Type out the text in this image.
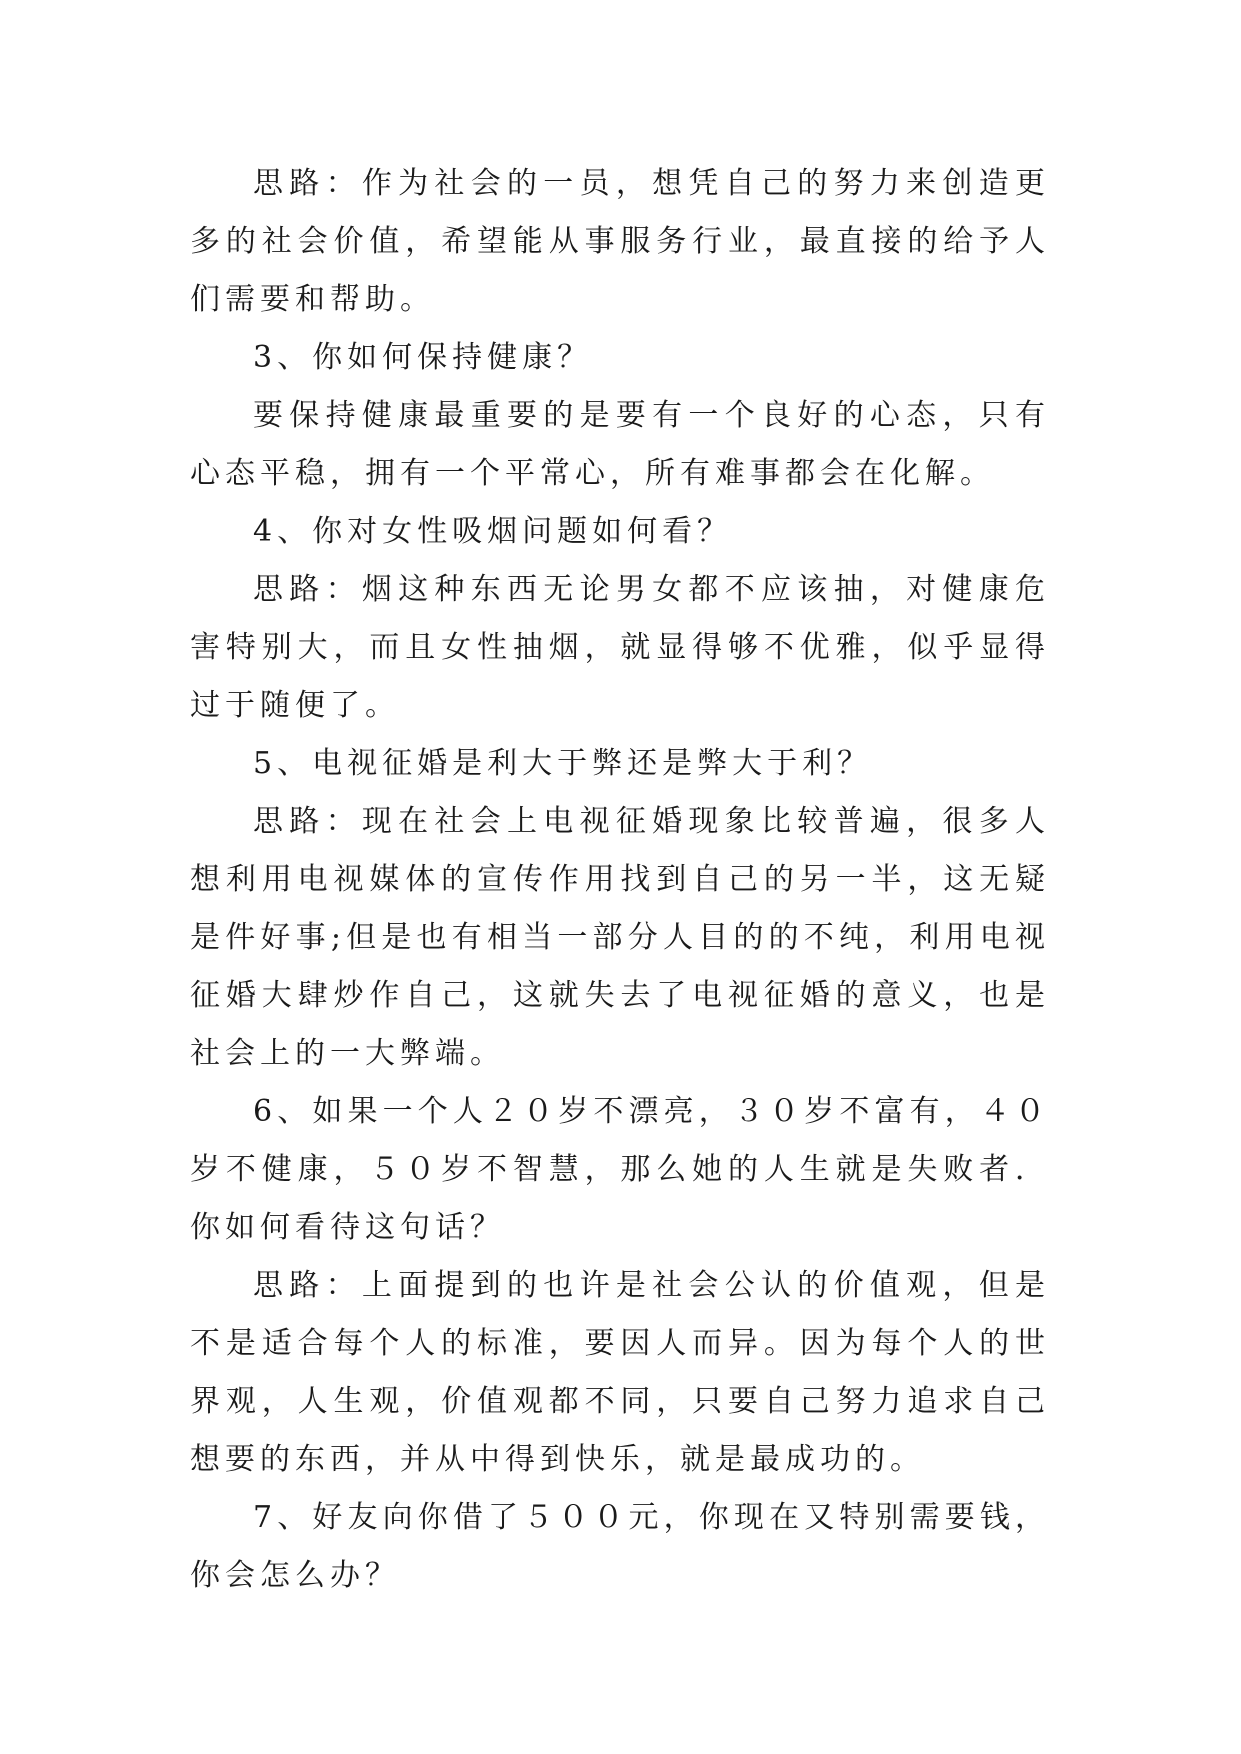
思路：作为社会的一员，想凭自己的努力来创造更多的社会价值，希望能从事服务行业，最直接的给予人们需要和帮助。

3、你如何保持健康？

要保持健康最重要的是要有一个良好的心态，只有心态平稳，拥有一个平常心，所有难事都会在化解。

4、你对女性吸烟问题如何看？

思路：烟这种东西无论男女都不应该抽，对健康危害特别大，而且女性抽烟，就显得够不优雅，似乎显得过于随便了。

5、电视征婚是利大于弊还是弊大于利？

思路：现在社会上电视征婚现象比较普遍，很多人想利用电视媒体的宣传作用找到自己的另一半，这无疑是件好事;但是也有相当一部分人目的的不纯，利用电视征婚大肆炒作自己，这就失去了电视征婚的意义，也是社会上的一大弊端。

6、如果一个人２０岁不漂亮，３０岁不富有，４０岁不健康，５０岁不智慧，那么她的人生就是失败者．你如何看待这句话？

思路：上面提到的也许是社会公认的价值观，但是不是适合每个人的标准，要因人而异。因为每个人的世界观，人生观，价值观都不同，只要自己努力追求自己想要的东西，并从中得到快乐，就是最成功的。

7、好友向你借了５００元，你现在又特别需要钱，你会怎么办？
